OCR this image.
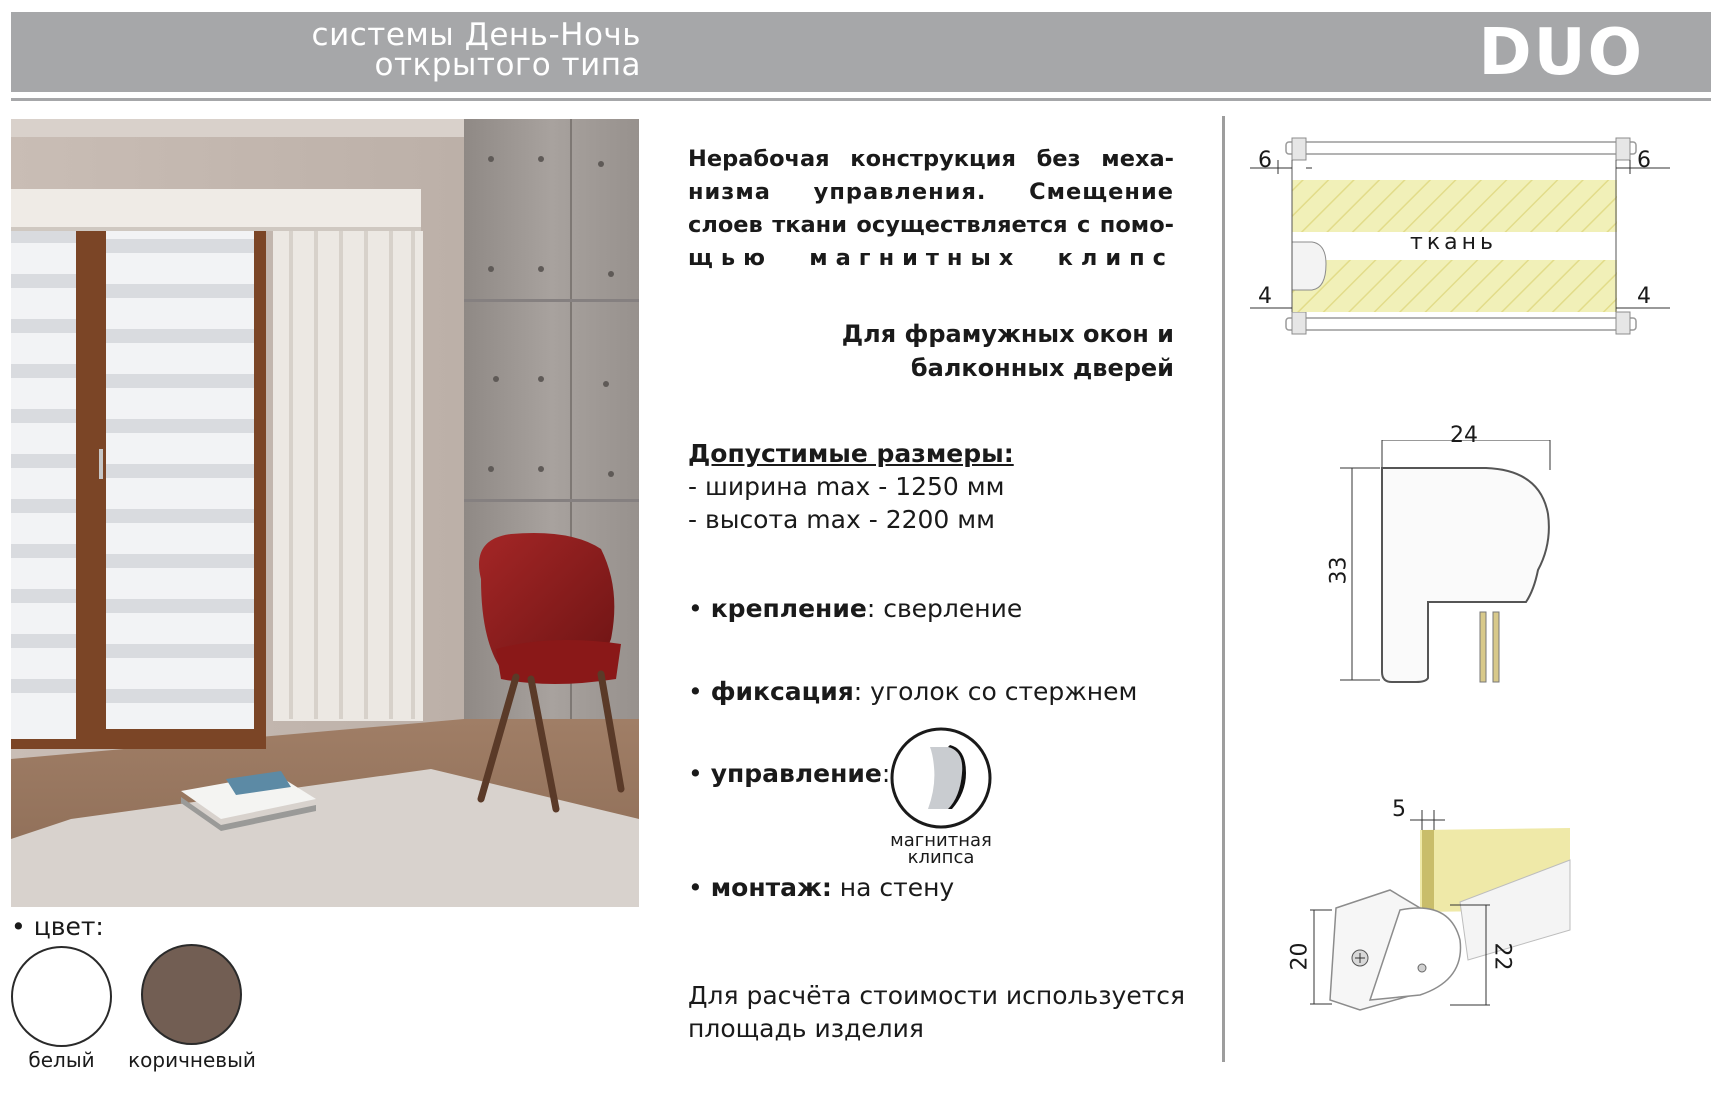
системы День-Ночь
открытого типа	DUO
Нерабочая конструкция без меха-
низма управления. Смещение
слоев ткани осуществляется с помо-
щью магнитных клипс
Для фрамужных окон и
балконных дверей
Допустимые размеры:
- ширина max - 1250 мм
- высота max - 2200 мм
• крепление: сверление
• фиксация: уголок со стержнем
• управление:
• монтаж: на стену
магнитная
клипса
Для расчёта стоимости используется
площадь изделия
• цвет:
белый	коричневый
6	6
4	4
ткань
24
33
5
20	22
